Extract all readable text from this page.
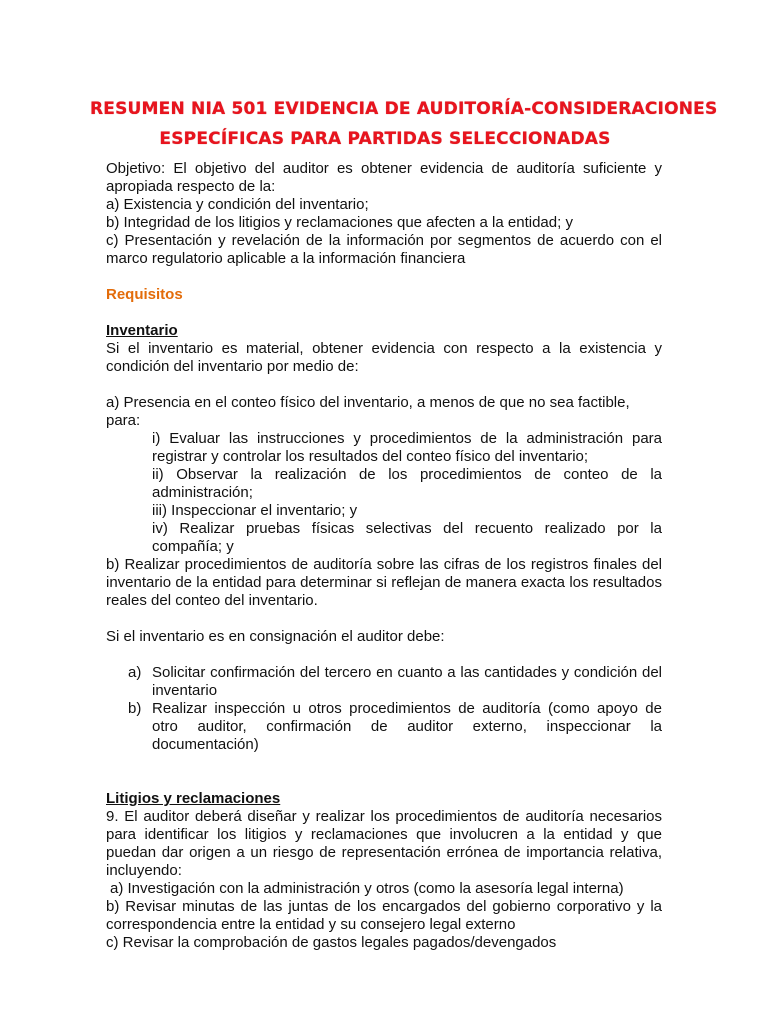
RESUMEN NIA 501 EVIDENCIA DE AUDITORÍA-CONSIDERACIONES
ESPECÍFICAS PARA PARTIDAS SELECCIONADAS

Objetivo: El objetivo del auditor es obtener evidencia de auditoría suficiente y apropiada respecto de la:

a) Existencia y condición del inventario;

b) Integridad de los litigios y reclamaciones que afecten a la entidad; y

c) Presentación y revelación de la información por segmentos de acuerdo con el marco regulatorio aplicable a la información financiera

Requisitos

Inventario

Si el inventario es material, obtener evidencia con respecto a la existencia y condición del inventario por medio de:

a) Presencia en el conteo físico del inventario, a menos de que no sea factible, para:

i) Evaluar las instrucciones y procedimientos de la administración para registrar y controlar los resultados del conteo físico del inventario;

ii) Observar la realización de los procedimientos de conteo de la administración;

iii) Inspeccionar el inventario; y

iv) Realizar pruebas físicas selectivas del recuento realizado por la compañía; y

b) Realizar procedimientos de auditoría sobre las cifras de los registros finales del inventario de la entidad para determinar si reflejan de manera exacta los resultados reales del conteo del inventario.

Si el inventario es en consignación el auditor debe:

a) Solicitar confirmación del tercero en cuanto a las cantidades y condición del inventario
b) Realizar inspección u otros procedimientos de auditoría (como apoyo de otro auditor, confirmación de auditor externo, inspeccionar la documentación)

Litigios y reclamaciones

9. El auditor deberá diseñar y realizar los procedimientos de auditoría necesarios para identificar los litigios y reclamaciones que involucren a la entidad y que puedan dar origen a un riesgo de representación errónea de importancia relativa, incluyendo:

a) Investigación con la administración y otros (como la asesoría legal interna)

b) Revisar minutas de las juntas de los encargados del gobierno corporativo y la correspondencia entre la entidad y su consejero legal externo

c) Revisar la comprobación de gastos legales pagados/devengados
